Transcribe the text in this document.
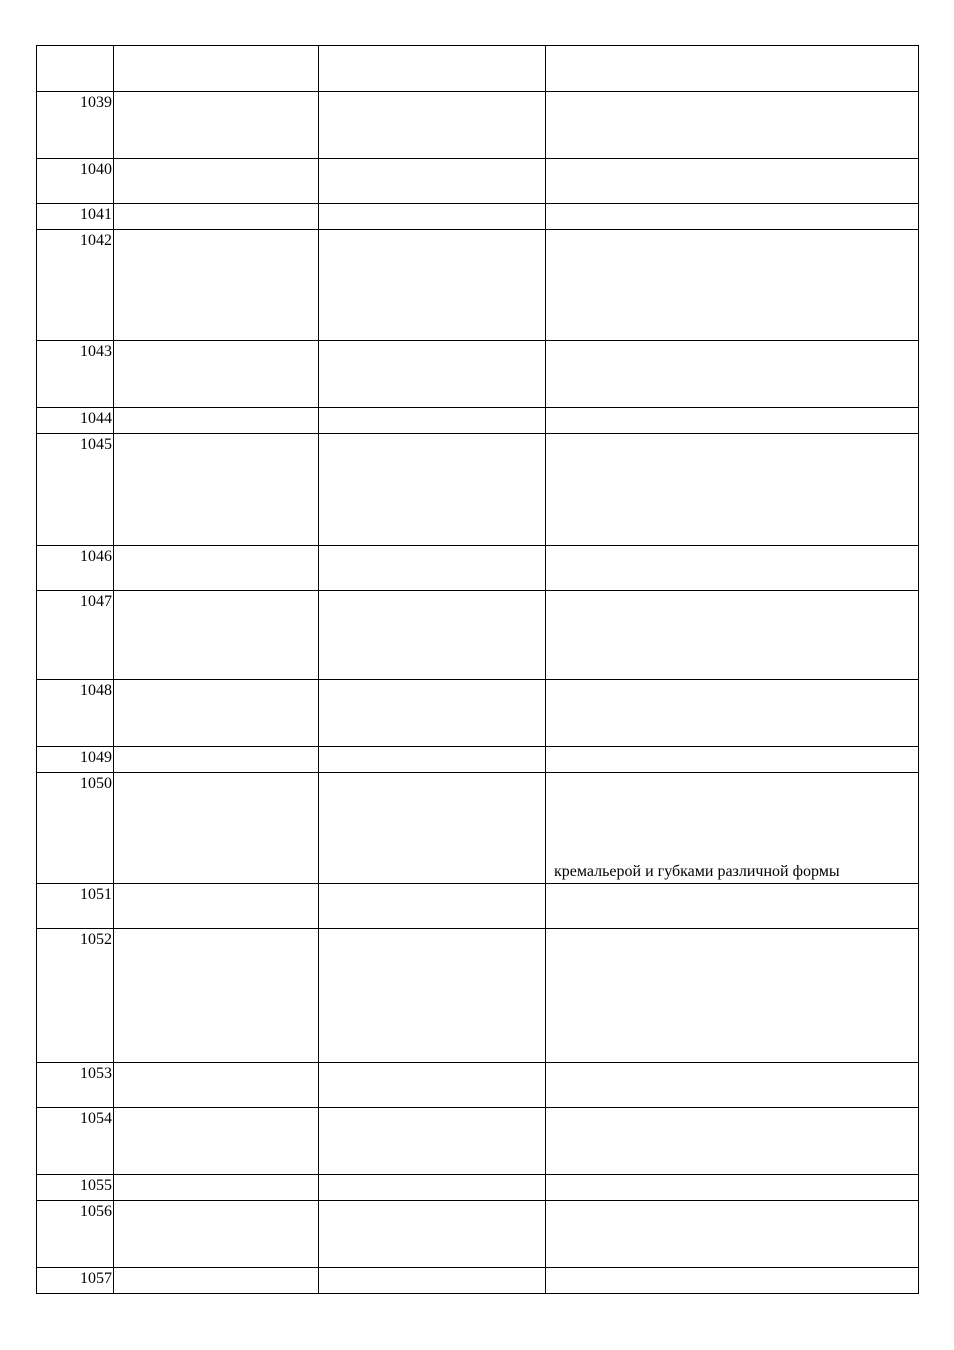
1039			
1040			
1041			
1042			
1043			
1044			
1045			
1046			
1047			
1048			
1049			
1050			кремальерой и губками различной формы
1051			
1052			
1053			
1054			
1055			
1056			
1057			
